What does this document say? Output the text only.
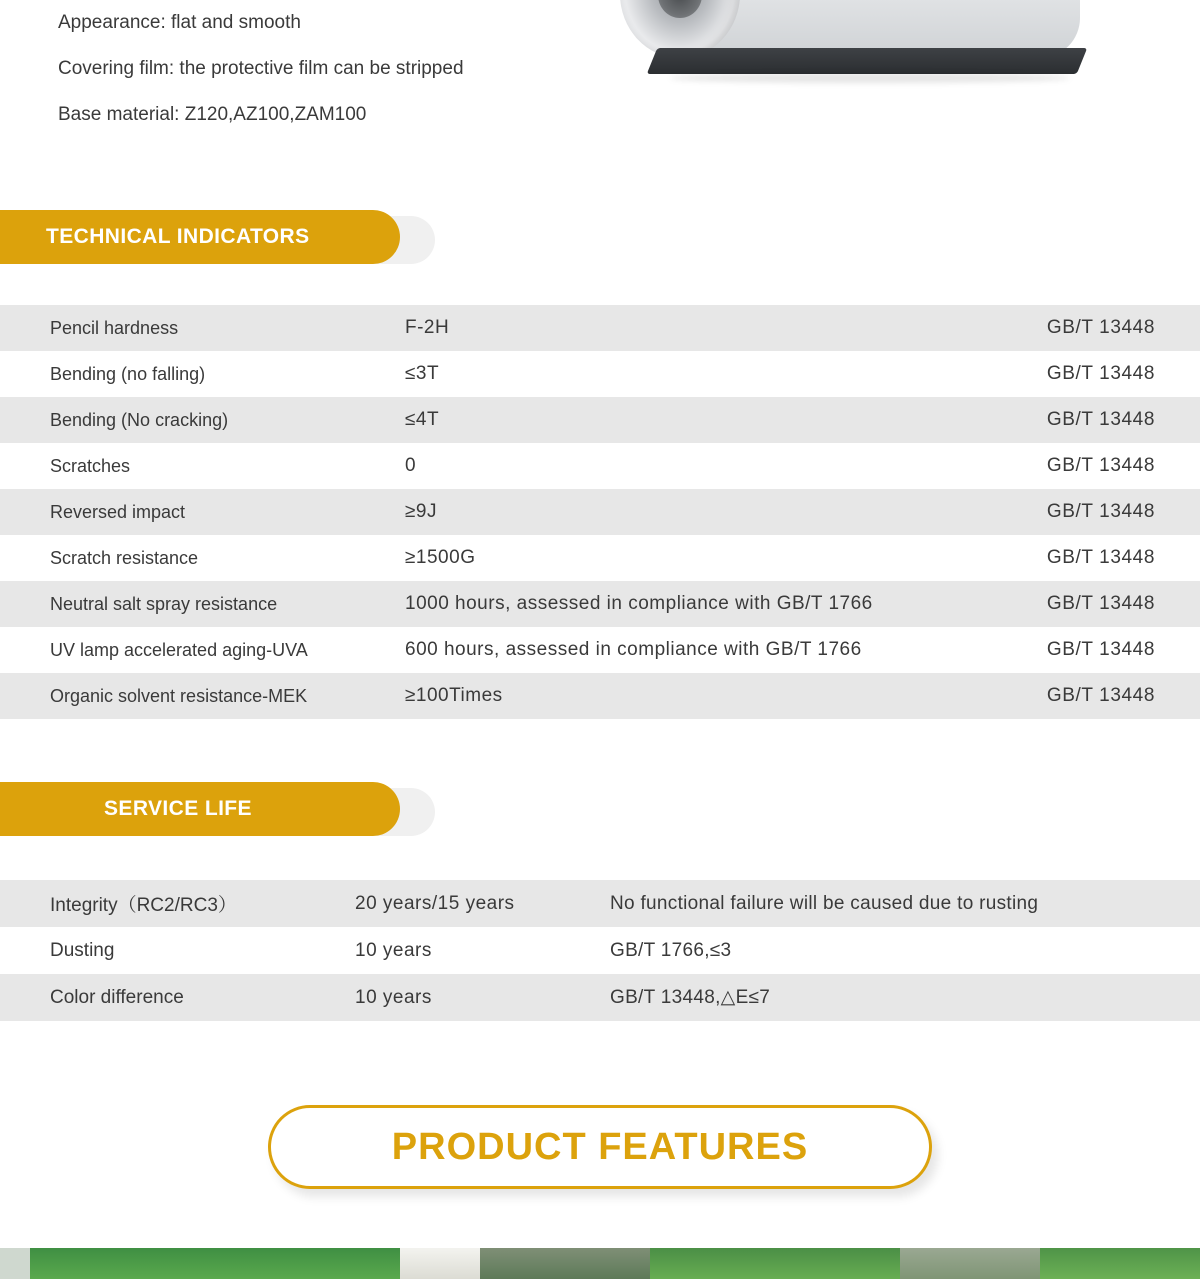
Appearance: flat and smooth
Covering film: the protective film can be stripped
Base material: Z120,AZ100,ZAM100
TECHNICAL INDICATORS
Pencil hardness	F-2H	GB/T 13448
Bending (no falling)	≤3T	GB/T 13448
Bending (No cracking)	≤4T	GB/T 13448
Scratches	0	GB/T 13448
Reversed impact	≥9J	GB/T 13448
Scratch resistance	≥1500G	GB/T 13448
Neutral salt spray resistance	1000 hours, assessed in compliance with GB/T 1766	GB/T 13448
UV lamp accelerated aging-UVA	600 hours, assessed in compliance with GB/T 1766	GB/T 13448
Organic solvent resistance-MEK	≥100Times	GB/T 13448
SERVICE LIFE
Integrity（RC2/RC3）	20 years/15 years	No functional failure will be caused due to rusting
Dusting	10 years	GB/T 1766,≤3
Color difference	10 years	GB/T 13448,△E≤7
PRODUCT FEATURES
